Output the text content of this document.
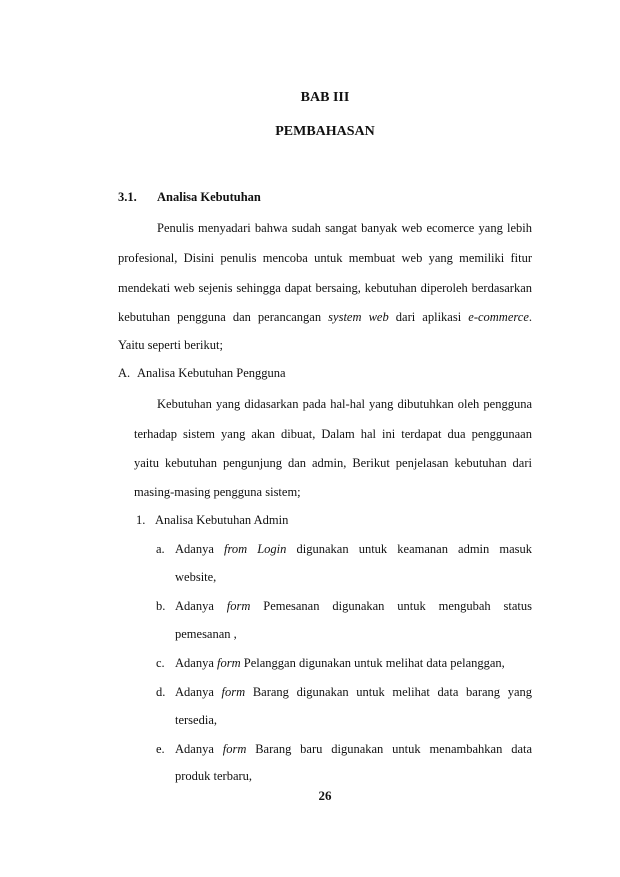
BAB III
PEMBAHASAN
3.1. Analisa Kebutuhan
Penulis menyadari bahwa sudah sangat banyak web ecomerce yang lebih
profesional, Disini penulis mencoba untuk membuat web yang memiliki fitur
mendekati web sejenis sehingga dapat bersaing, kebutuhan diperoleh berdasarkan
kebutuhan pengguna dan perancangan system web dari aplikasi e-commerce.
Yaitu seperti berikut;
A. Analisa Kebutuhan Pengguna
Kebutuhan yang didasarkan pada hal-hal yang dibutuhkan oleh pengguna
terhadap sistem yang akan dibuat, Dalam hal ini terdapat dua penggunaan
yaitu kebutuhan pengunjung dan admin, Berikut penjelasan kebutuhan dari
masing-masing pengguna sistem;
1. Analisa Kebutuhan Admin
a. Adanya from Login digunakan untuk keamanan admin masuk
website,
b. Adanya form Pemesanan digunakan untuk mengubah status
pemesanan ,
c. Adanya form Pelanggan digunakan untuk melihat data pelanggan,
d. Adanya form Barang digunakan untuk melihat data barang yang
tersedia,
e. Adanya form Barang baru digunakan untuk menambahkan data
produk terbaru,
26
